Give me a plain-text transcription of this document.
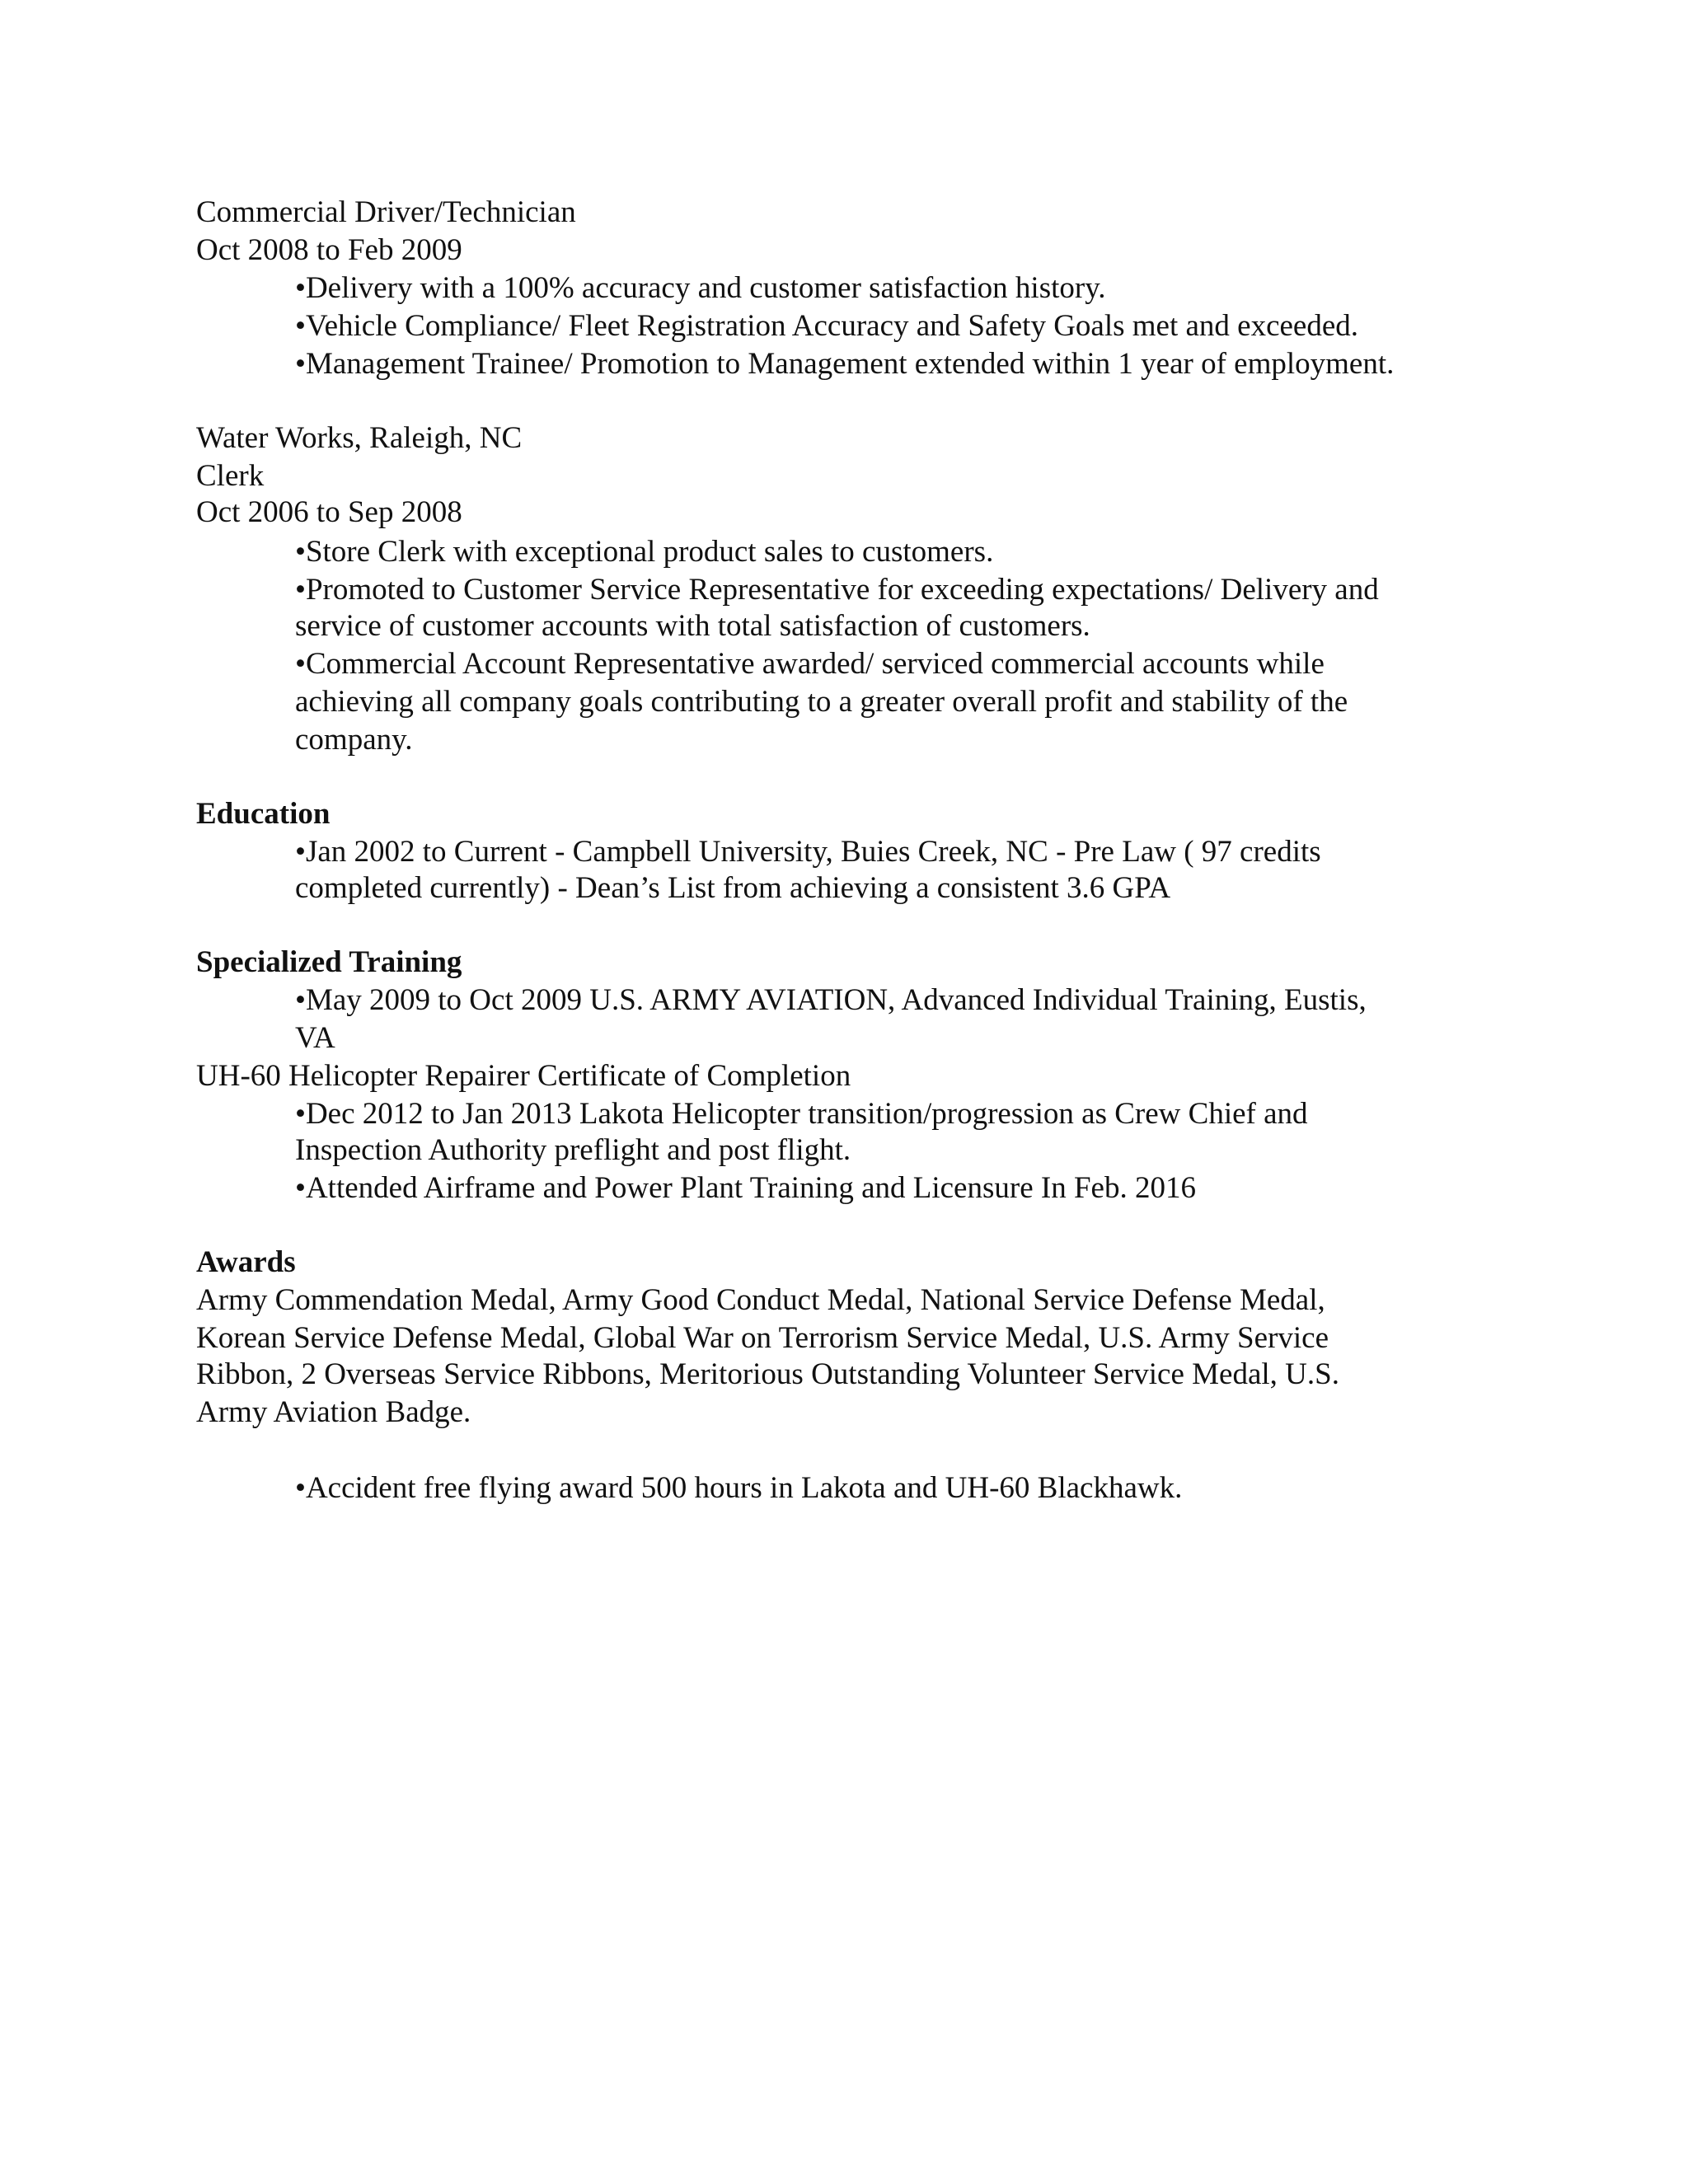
Commercial Driver/Technician
Oct 2008 to Feb 2009
•Delivery with a 100% accuracy and customer satisfaction history.
•Vehicle Compliance/ Fleet Registration Accuracy and Safety Goals met and exceeded.
•Management Trainee/ Promotion to Management extended within 1 year of employment.
Water Works, Raleigh, NC
Clerk
Oct 2006 to Sep 2008
•Store Clerk with exceptional product sales to customers.
•Promoted to Customer Service Representative for exceeding expectations/ Delivery and
service of customer accounts with total satisfaction of customers.
•Commercial Account Representative awarded/ serviced commercial accounts while
achieving all company goals contributing to a greater overall profit and stability of the
company.
Education
•Jan 2002 to Current - Campbell University, Buies Creek, NC - Pre Law ( 97 credits
completed currently) - Dean’s List from achieving a consistent 3.6 GPA
Specialized Training
•May 2009 to Oct 2009 U.S. ARMY AVIATION, Advanced Individual Training, Eustis,
VA
UH-60 Helicopter Repairer Certificate of Completion
•Dec 2012 to Jan 2013 Lakota Helicopter transition/progression as Crew Chief and
Inspection Authority preflight and post flight.
•Attended Airframe and Power Plant Training and Licensure In Feb. 2016
Awards
Army Commendation Medal, Army Good Conduct Medal, National Service Defense Medal,
Korean Service Defense Medal, Global War on Terrorism Service Medal, U.S. Army Service
Ribbon, 2 Overseas Service Ribbons, Meritorious Outstanding Volunteer Service Medal, U.S.
Army Aviation Badge.
•Accident free flying award 500 hours in Lakota and UH-60 Blackhawk.
